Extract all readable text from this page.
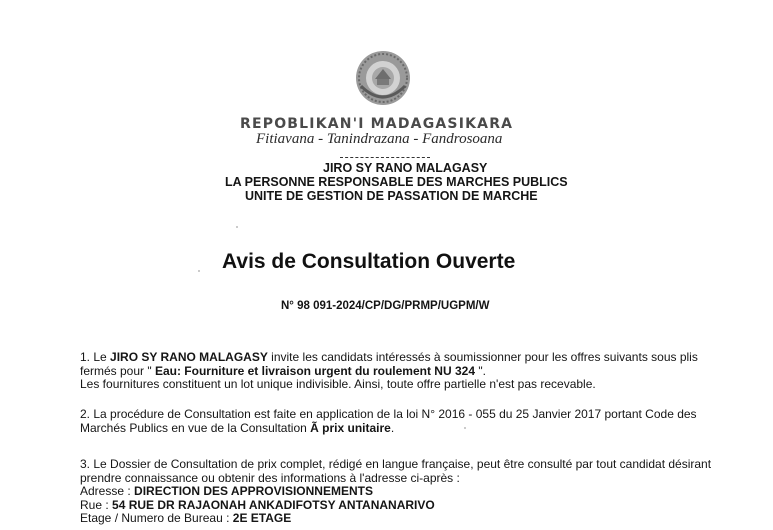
REPOBLIKAN'I MADAGASIKARA
Fitiavana - Tanindrazana - Fandrosoana
JIRO SY RANO MALAGASY
LA PERSONNE RESPONSABLE DES MARCHES PUBLICS
UNITE DE GESTION DE PASSATION DE MARCHE
Avis de Consultation Ouverte
N° 98 091-2024/CP/DG/PRMP/UGPM/W
1. Le JIRO SY RANO MALAGASY invite les candidats intéressés à soumissionner pour les offres suivants sous plis
fermés pour " Eau: Fourniture et livraison urgent du roulement NU 324 ".
Les fournitures constituent un lot unique indivisible. Ainsi, toute offre partielle n'est pas recevable.
2. La procédure de Consultation est faite en application de la loi N° 2016 - 055 du 25 Janvier 2017 portant Code des
Marchés Publics en vue de la Consultation Ã prix unitaire.
3. Le Dossier de Consultation de prix complet, rédigé en langue française, peut être consulté par tout candidat désirant
prendre connaissance ou obtenir des informations à l'adresse ci-après :
Adresse : DIRECTION DES APPROVISIONNEMENTS
Rue : 54 RUE DR RAJAONAH ANKADIFOTSY ANTANANARIVO
Etage / Numero de Bureau : 2E ETAGE
